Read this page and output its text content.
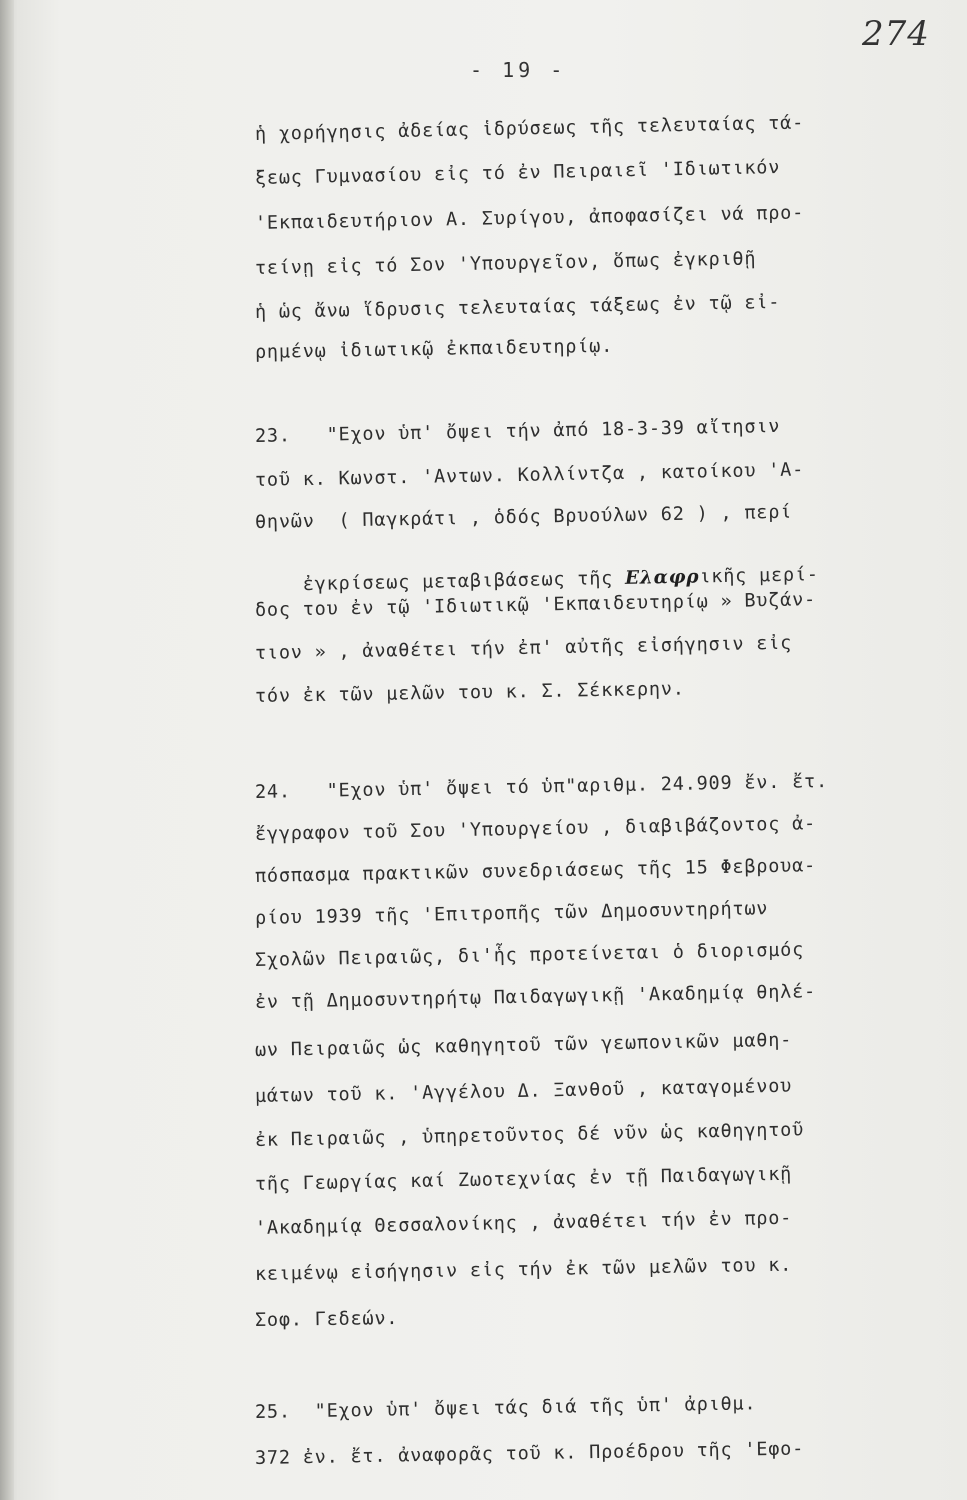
274
- 19 -
ἡ χορήγησις ἀδείας ἱδρύσεως τῆς τελευταίας τά-
ξεως Γυμνασίου εἰς τό ἐν Πειραιεῖ 'Ιδιωτικόν
'Εκπαιδευτήριον Α. Συρίγου, ἀποφασίζει νά προ-
τείνῃ εἰς τό Σον 'Υπουργεῖον, ὅπως ἐγκριθῇ
ἡ ὡς ἄνω ἵδρυσις τελευταίας τάξεως ἐν τῷ εἰ-
ρημένῳ ἰδιωτικῷ ἐκπαιδευτηρίῳ.
23.   "Εχον ὑπ' ὄψει τήν ἀπό 18-3-39 αἴτησιν
τοῦ κ. Κωνστ. 'Αντων. Κολλίντζα , κατοίκου 'Α-
θηνῶν  ( Παγκράτι , ὁδός Βρυούλων 62 ) , περί

ἐγκρίσεως μεταβιβάσεως τῆς Ελαφρικῆς μερί-

δος του ἐν τῷ 'Ιδιωτικῷ 'Εκπαιδευτηρίῳ » Βυζάν-
τιον » , ἀναθέτει τήν ἐπ' αὐτῆς εἰσήγησιν εἰς
τόν ἐκ τῶν μελῶν του κ. Σ. Σέκκερην.
24.   "Εχον ὑπ' ὄψει τό ὑπ"αριθμ. 24.909 ἔν. ἔτ.
ἔγγραφον τοῦ Σου 'Υπουργείου , διαβιβάζοντος ἀ-
πόσπασμα πρακτικῶν συνεδριάσεως τῆς 15 Φεβρουα-
ρίου 1939 τῆς 'Επιτροπῆς τῶν Δημοσυντηρήτων
Σχολῶν Πειραιῶς, δι'ἧς προτείνεται ὁ διορισμός
ἐν τῇ Δημοσυντηρήτῳ Παιδαγωγικῇ 'Ακαδημίᾳ θηλέ-
ων Πειραιῶς ὡς καθηγητοῦ τῶν γεωπονικῶν μαθη-
μάτων τοῦ κ. 'Αγγέλου Δ. Ξανθοῦ , καταγομένου
ἐκ Πειραιῶς , ὑπηρετοῦντος δέ νῦν ὡς καθηγητοῦ
τῆς Γεωργίας καί Ζωοτεχνίας ἐν τῇ Παιδαγωγικῇ
'Ακαδημίᾳ Θεσσαλονίκης , ἀναθέτει τήν ἐν προ-
κειμένῳ εἰσήγησιν εἰς τήν ἐκ τῶν μελῶν του κ.
Σοφ. Γεδεών.
25.  "Εχον ὑπ' ὄψει τάς διά τῆς ὑπ' ἀριθμ.
372 ἐν. ἔτ. ἀναφορᾶς τοῦ κ. Προέδρου τῆς 'Εφο-
